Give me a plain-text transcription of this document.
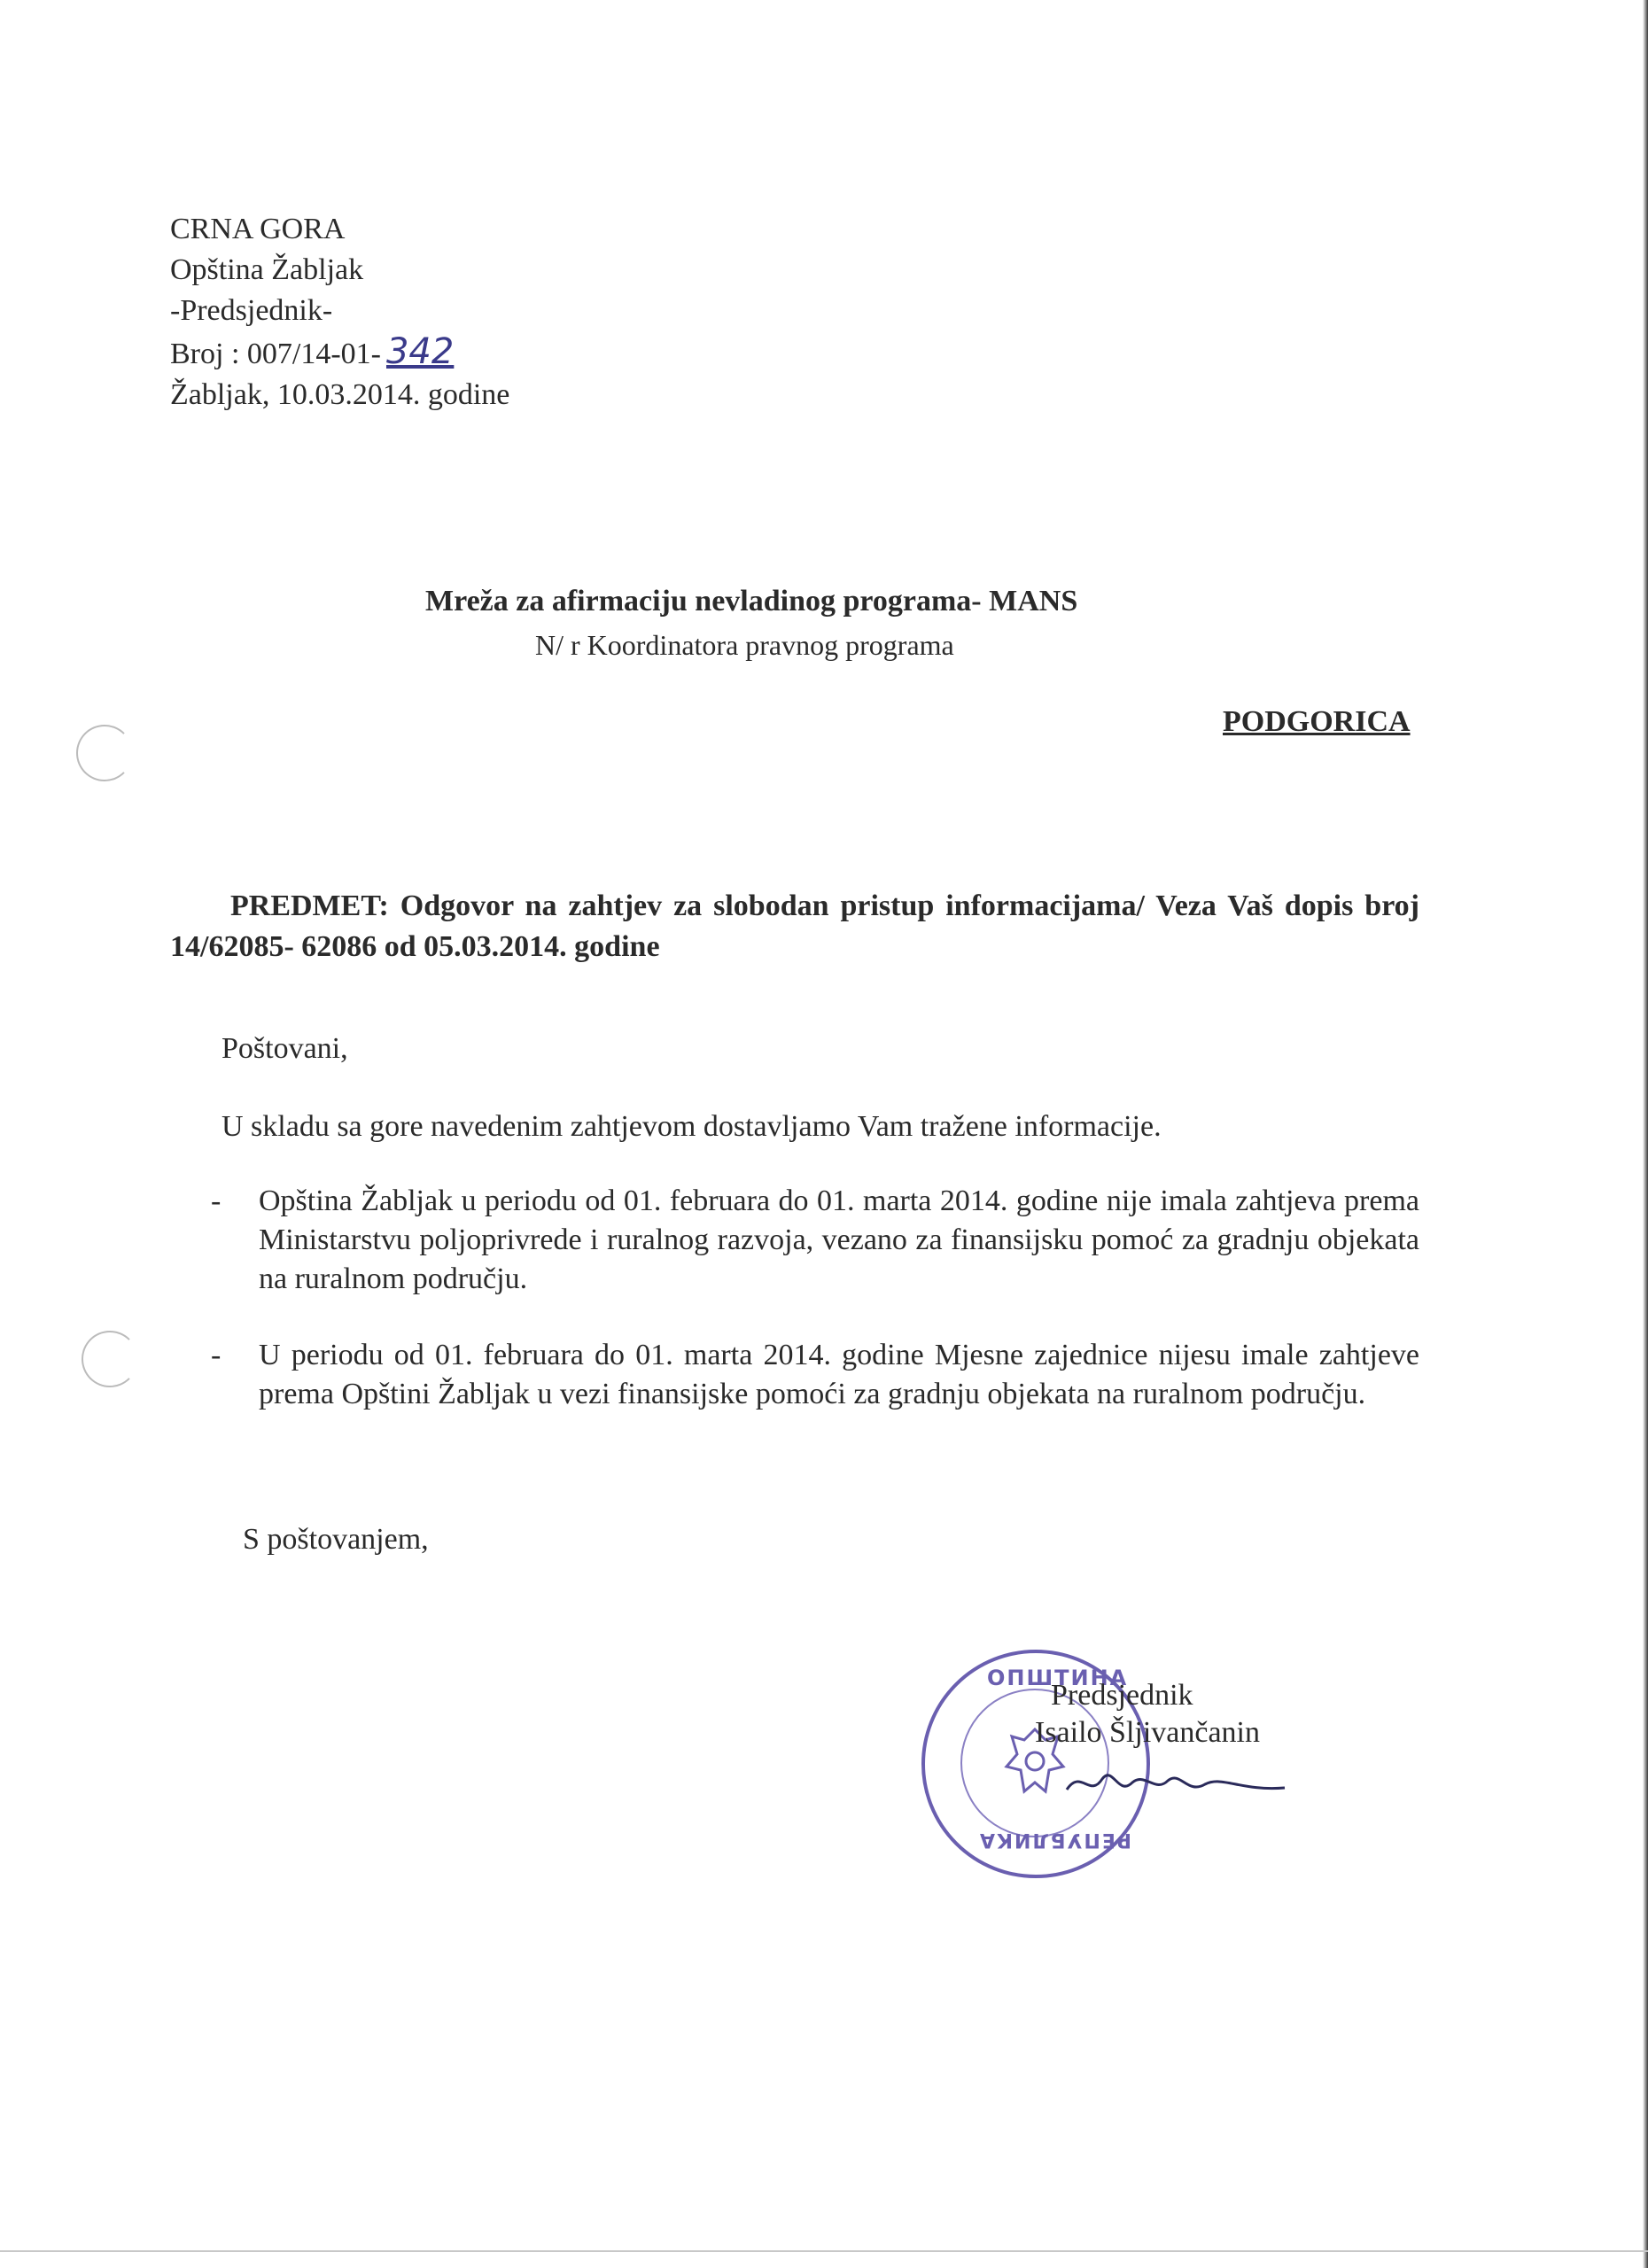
CRNA GORA
Opština Žabljak
-Predsjednik-
Broj : 007/14-01- 342
Žabljak, 10.03.2014. godine
Mreža za afirmaciju nevladinog programa- MANS
N/ r Koordinatora pravnog programa
PODGORICA
PREDMET: Odgovor na zahtjev za slobodan pristup informacijama/ Veza Vaš dopis broj 14/62085- 62086 od 05.03.2014. godine
Poštovani,
U skladu sa gore navedenim zahtjevom dostavljamo Vam tražene informacije.
- Opština Žabljak u periodu od 01. februara do 01. marta 2014. godine nije imala zahtjeva prema Ministarstvu poljoprivrede i ruralnog razvoja, vezano za finansijsku pomoć za gradnju objekata na ruralnom području.
- U periodu od 01. februara do 01. marta 2014. godine Mjesne zajednice nijesu imale zahtjeve prema Opštini Žabljak u vezi finansijske pomoći za gradnju objekata na ruralnom području.
S poštovanjem,
ОПШТИНА
РЕПУБЛИКА
Predsjednik
Isailo Šljivančanin
